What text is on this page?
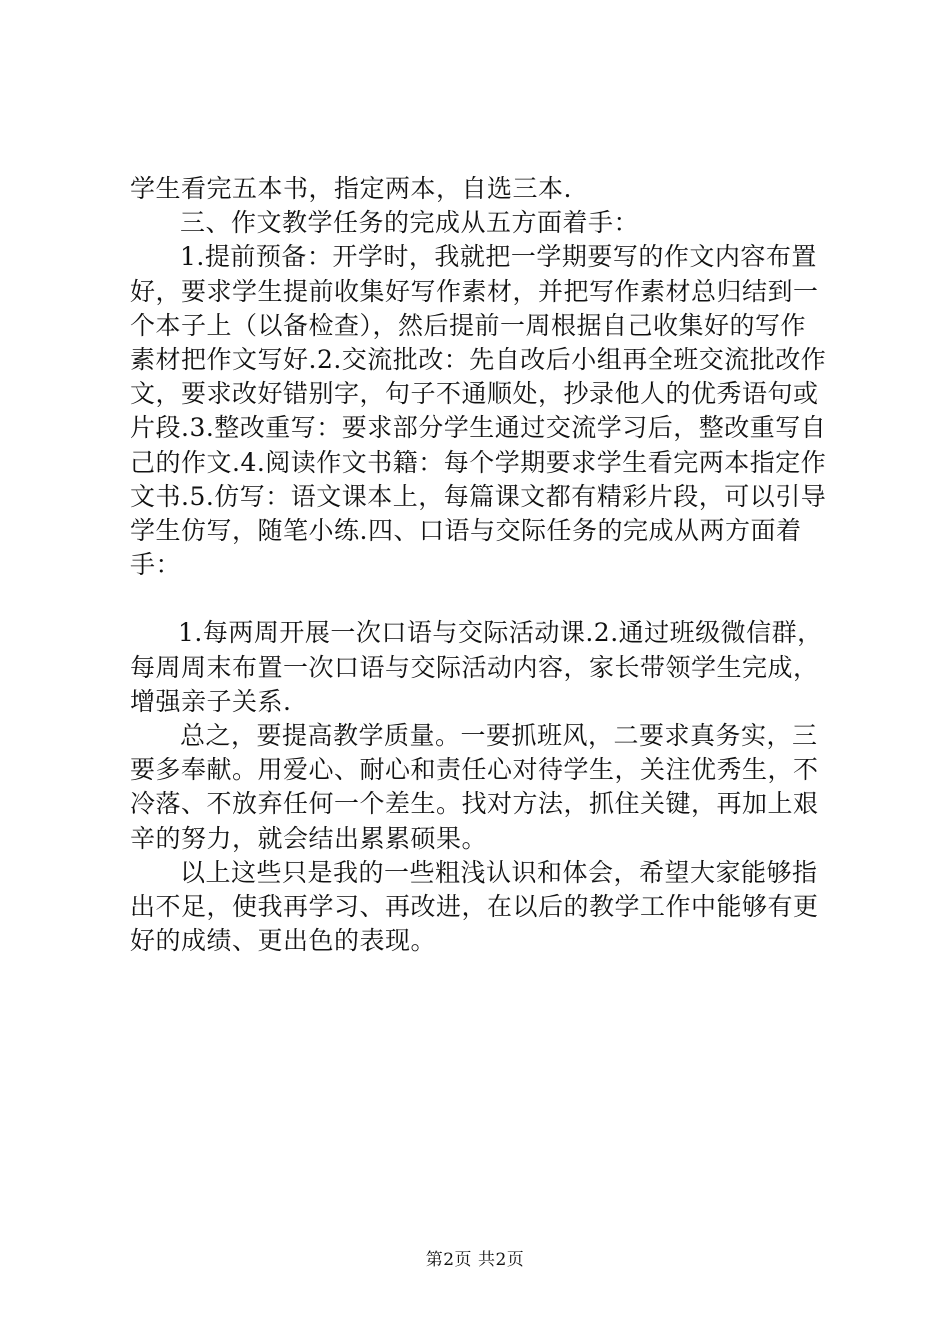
学生看完五本书，指定两本，自选三本.

三、作文教学任务的完成从五方面着手：

1.提前预备：开学时，我就把一学期要写的作文内容布置好，要求学生提前收集好写作素材，并把写作素材总归结到一个本子上（以备检查），然后提前一周根据自己收集好的写作素材把作文写好.2.交流批改：先自改后小组再全班交流批改作文，要求改好错别字，句子不通顺处，抄录他人的优秀语句或片段.3.整改重写：要求部分学生通过交流学习后，整改重写自己的作文.4.阅读作文书籍：每个学期要求学生看完两本指定作文书.5.仿写：语文课本上，每篇课文都有精彩片段，可以引导学生仿写，随笔小练.四、口语与交际任务的完成从两方面着手：

1.每两周开展一次口语与交际活动课.2.通过班级微信群，每周周末布置一次口语与交际活动内容，家长带领学生完成，增强亲子关系.

总之，要提高教学质量。一要抓班风，二要求真务实，三要多奉献。用爱心、耐心和责任心对待学生，关注优秀生，不冷落、不放弃任何一个差生。找对方法，抓住关键，再加上艰辛的努力，就会结出累累硕果。

以上这些只是我的一些粗浅认识和体会，希望大家能够指出不足，使我再学习、再改进，在以后的教学工作中能够有更好的成绩、更出色的表现。

第2页 共2页
